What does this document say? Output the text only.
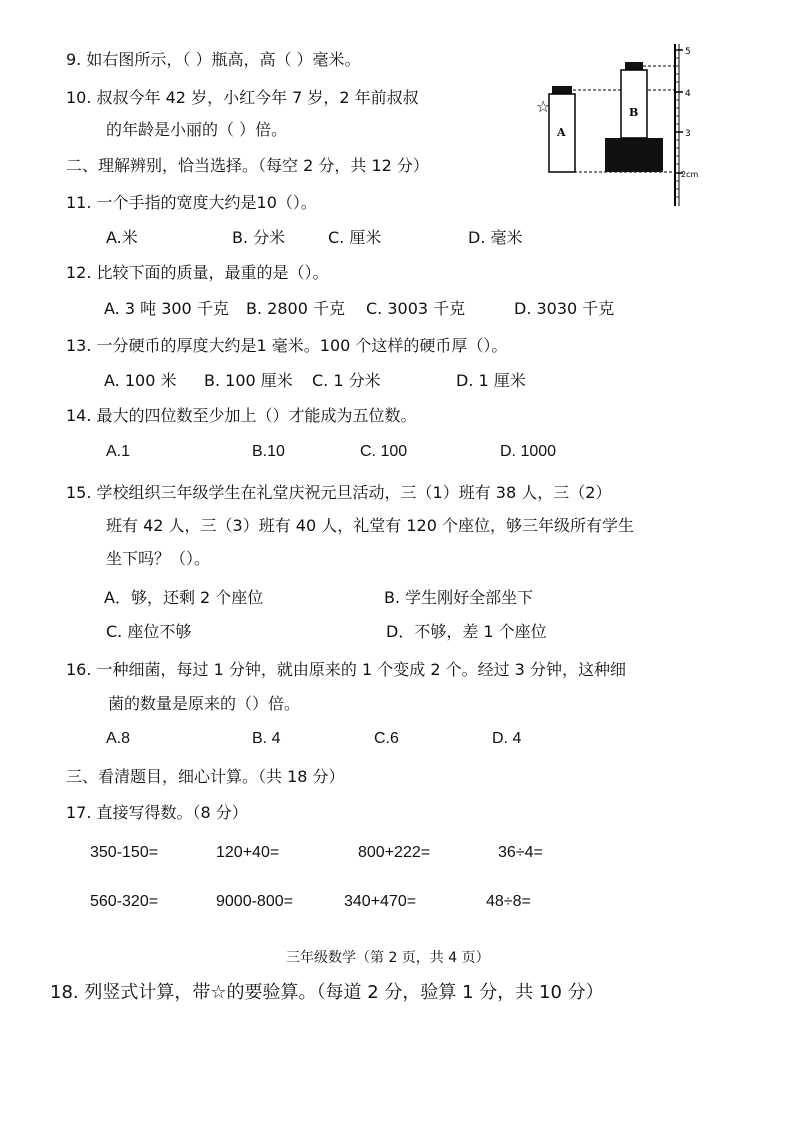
9. 如右图所示，（ ）瓶高，高（ ）毫米。
10. 叔叔今年 42 岁，小红今年 7 岁，2 年前叔叔
的年龄是小丽的（ ）倍。
二、理解辨别，恰当选择。（每空 2 分，共 12 分）
11. 一个手指的宽度大约是10（）。
A.米	B. 分米	C. 厘米	D. 毫米
12. 比较下面的质量，最重的是（）。
A. 3 吨 300 千克 B. 2800 千克 C. 3003 千克	D. 3030 千克
13. 一分硬币的厚度大约是1 毫米。100 个这样的硬币厚（）。
A. 100 米 B. 100 厘米 C. 1 分米	D. 1 厘米
14. 最大的四位数至少加上（）才能成为五位数。
A.1	B.10	C. 100	D. 1000
15. 学校组织三年级学生在礼堂庆祝元旦活动，三（1）班有 38 人，三（2）
班有 42 人，三（3）班有 40 人，礼堂有 120 个座位，够三年级所有学生
坐下吗？（）。
A．够，还剩 2 个座位	B. 学生刚好全部坐下
C. 座位不够	D．不够，差 1 个座位
16. 一种细菌，每过 1 分钟，就由原来的 1 个变成 2 个。经过 3 分钟，这种细
菌的数量是原来的（）倍。
A.8	B. 4	C.6	D. 4
三、看清题目，细心计算。（共 18 分）
17. 直接写得数。（8 分）
350-150=	120+40=	800+222=	36÷4=
560-320=	9000-800=	340+470=	48÷8=
三年级数学（第 2 页，共 4 页）
18. 列竖式计算，带☆的要验算。（每道 2 分，验算 1 分，共 10 分）
5
4
3
2cm
A
☆	B
